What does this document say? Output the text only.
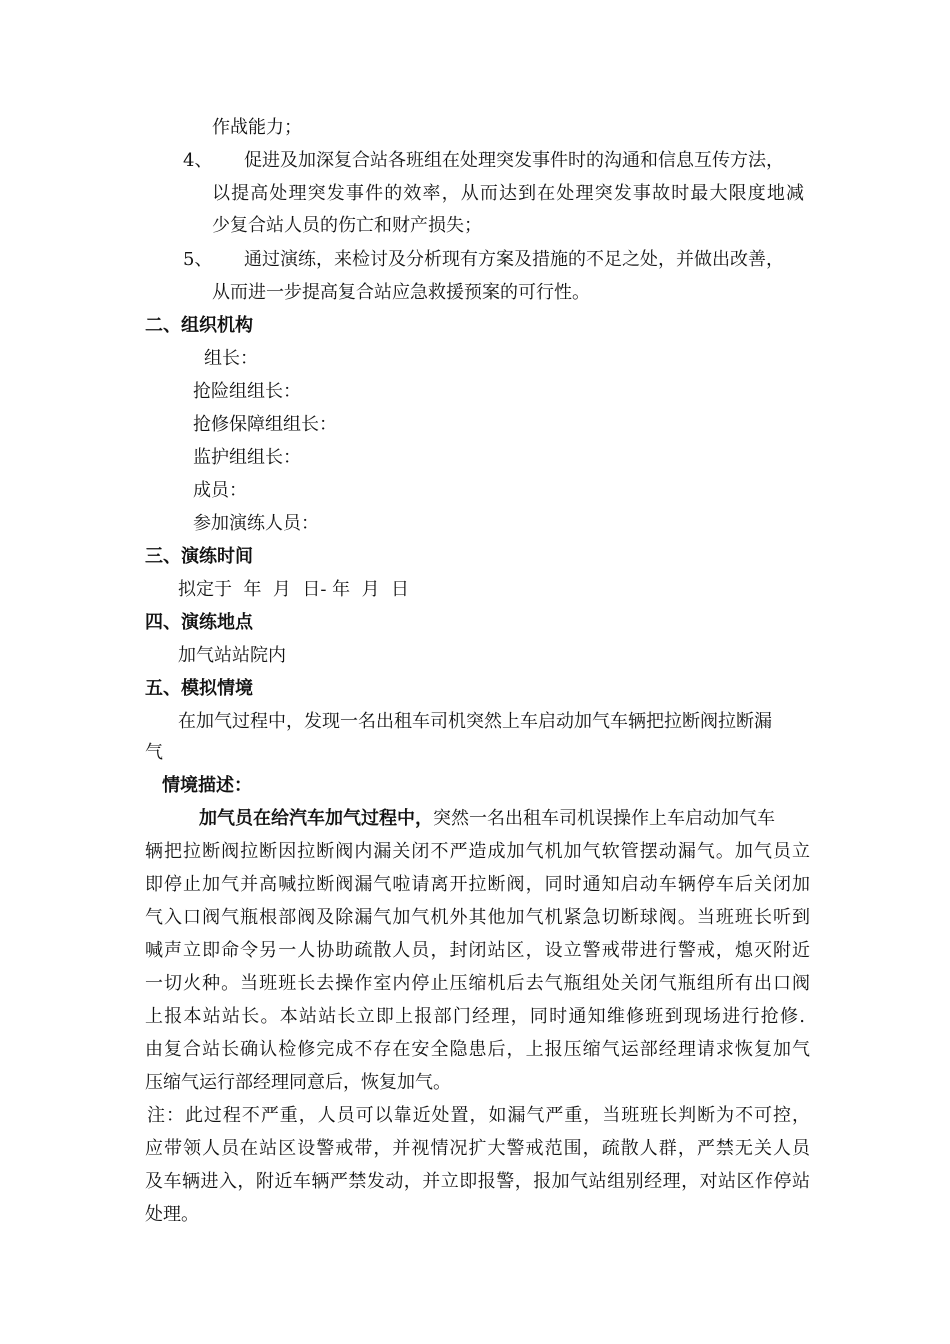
作战能力；
4、 促进及加深复合站各班组在处理突发事件时的沟通和信息互传方法，
以提高处理突发事件的效率，从而达到在处理突发事故时最大限度地减
少复合站人员的伤亡和财产损失；
5、 通过演练，来检讨及分析现有方案及措施的不足之处，并做出改善，
从而进一步提高复合站应急救援预案的可行性。
二、组织机构
组长：
抢险组组长：
抢修保障组组长：
监护组组长：
成员：
参加演练人员：
三、演练时间
拟定于  年  月  日- 年  月  日
四、演练地点
加气站站院内
五、模拟情境
在加气过程中，发现一名出租车司机突然上车启动加气车辆把拉断阀拉断漏
气
情境描述：
加气员在给汽车加气过程中，突然一名出租车司机误操作上车启动加气车
辆把拉断阀拉断因拉断阀内漏关闭不严造成加气机加气软管摆动漏气。加气员立
即停止加气并高喊拉断阀漏气啦请离开拉断阀，同时通知启动车辆停车后关闭加
气入口阀气瓶根部阀及除漏气加气机外其他加气机紧急切断球阀。当班班长听到
喊声立即命令另一人协助疏散人员，封闭站区，设立警戒带进行警戒，熄灭附近
一切火种。当班班长去操作室内停止压缩机后去气瓶组处关闭气瓶组所有出口阀
上报本站站长。本站站长立即上报部门经理，同时通知维修班到现场进行抢修.
由复合站长确认检修完成不存在安全隐患后，上报压缩气运部经理请求恢复加气
压缩气运行部经理同意后，恢复加气。
注：此过程不严重，人员可以靠近处置，如漏气严重，当班班长判断为不可控，
应带领人员在站区设警戒带，并视情况扩大警戒范围，疏散人群，严禁无关人员
及车辆进入，附近车辆严禁发动，并立即报警，报加气站组别经理，对站区作停站
处理。
